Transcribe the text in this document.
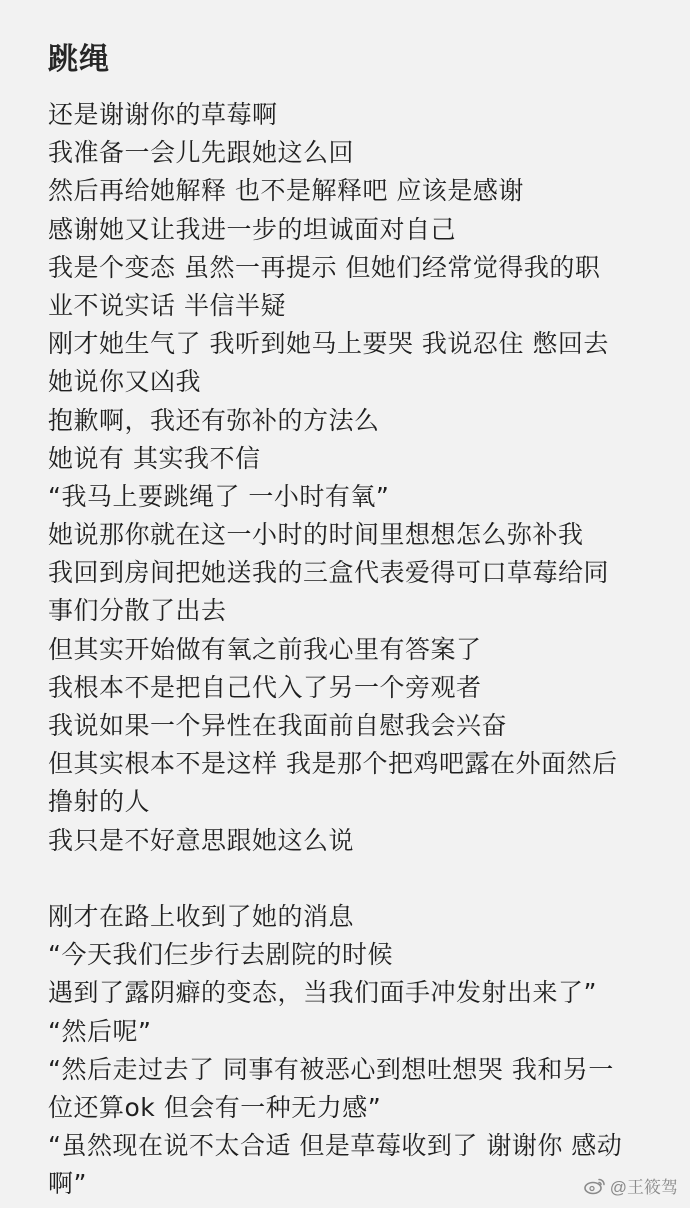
跳绳
还是谢谢你的草莓啊
我准备一会儿先跟她这么回
然后再给她解释 也不是解释吧 应该是感谢
感谢她又让我进一步的坦诚面对自己
我是个变态 虽然一再提示 但她们经常觉得我的职
业不说实话 半信半疑
刚才她生气了 我听到她马上要哭 我说忍住 憋回去
她说你又凶我
抱歉啊，我还有弥补的方法么
她说有 其实我不信
“我马上要跳绳了 一小时有氧”
她说那你就在这一小时的时间里想想怎么弥补我
我回到房间把她送我的三盒代表爱得可口草莓给同
事们分散了出去
但其实开始做有氧之前我心里有答案了
我根本不是把自己代入了另一个旁观者
我说如果一个异性在我面前自慰我会兴奋
但其实根本不是这样 我是那个把鸡吧露在外面然后
撸射的人
我只是不好意思跟她这么说
刚才在路上收到了她的消息
“今天我们仨步行去剧院的时候
遇到了露阴癖的变态，当我们面手冲发射出来了”
“然后呢”
“然后走过去了 同事有被恶心到想吐想哭 我和另一
位还算ok 但会有一种无力感”
“虽然现在说不太合适 但是草莓收到了 谢谢你 感动
啊”	@王筱驾
